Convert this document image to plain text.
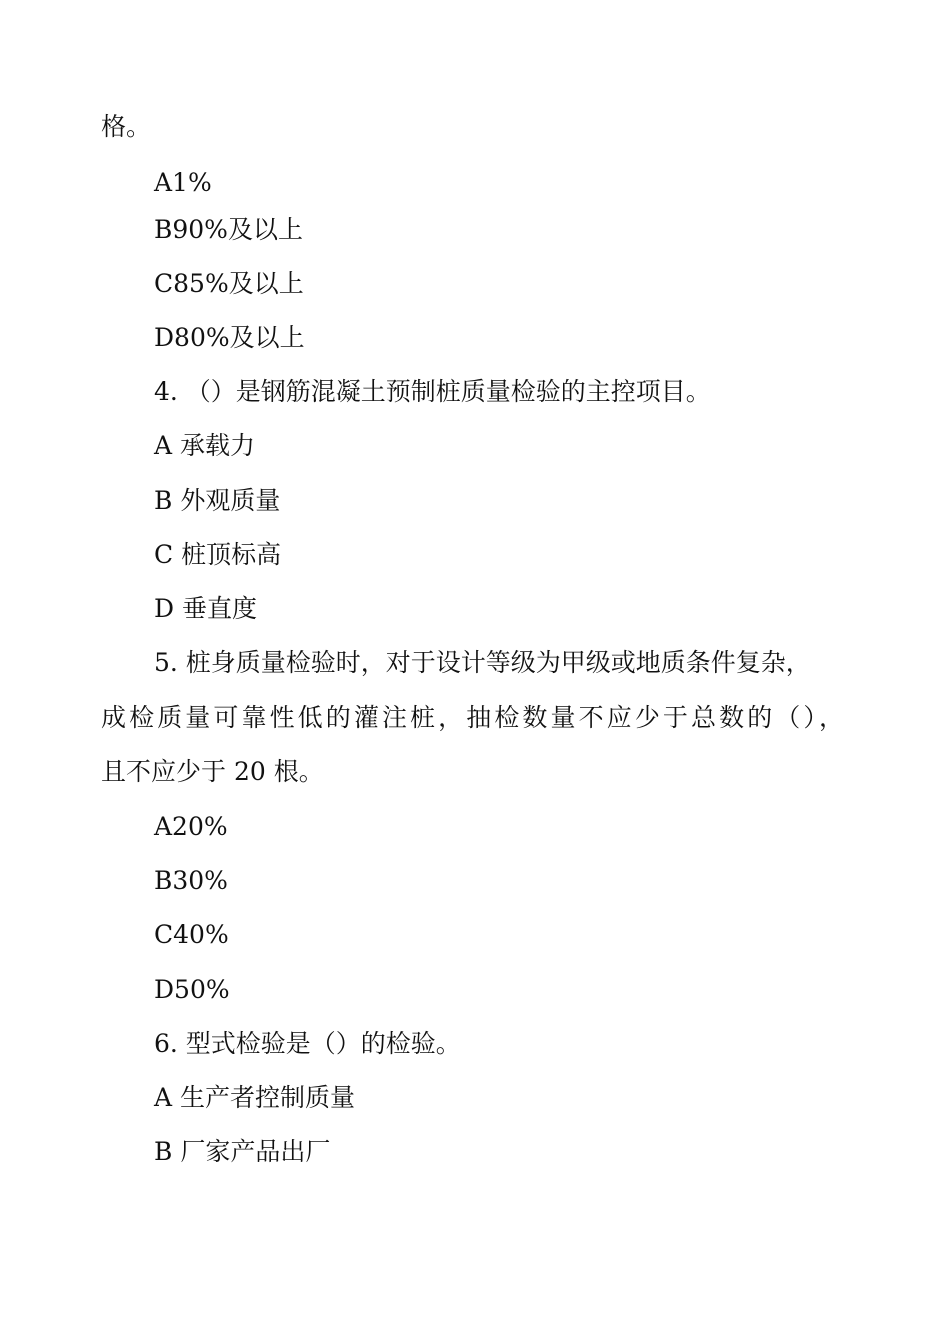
格。
A1%
B90%及以上
C85%及以上
D80%及以上
4. （）是钢筋混凝土预制桩质量检验的主控项目。
A 承载力
B 外观质量
C 桩顶标高
D 垂直度
5. 桩身质量检验时，对于设计等级为甲级或地质条件复杂，
成检质量可靠性低的灌注桩，抽检数量不应少于总数的（），
且不应少于 20 根。
A20%
B30%
C40%
D50%
6. 型式检验是（）的检验。
A 生产者控制质量
B 厂家产品出厂
